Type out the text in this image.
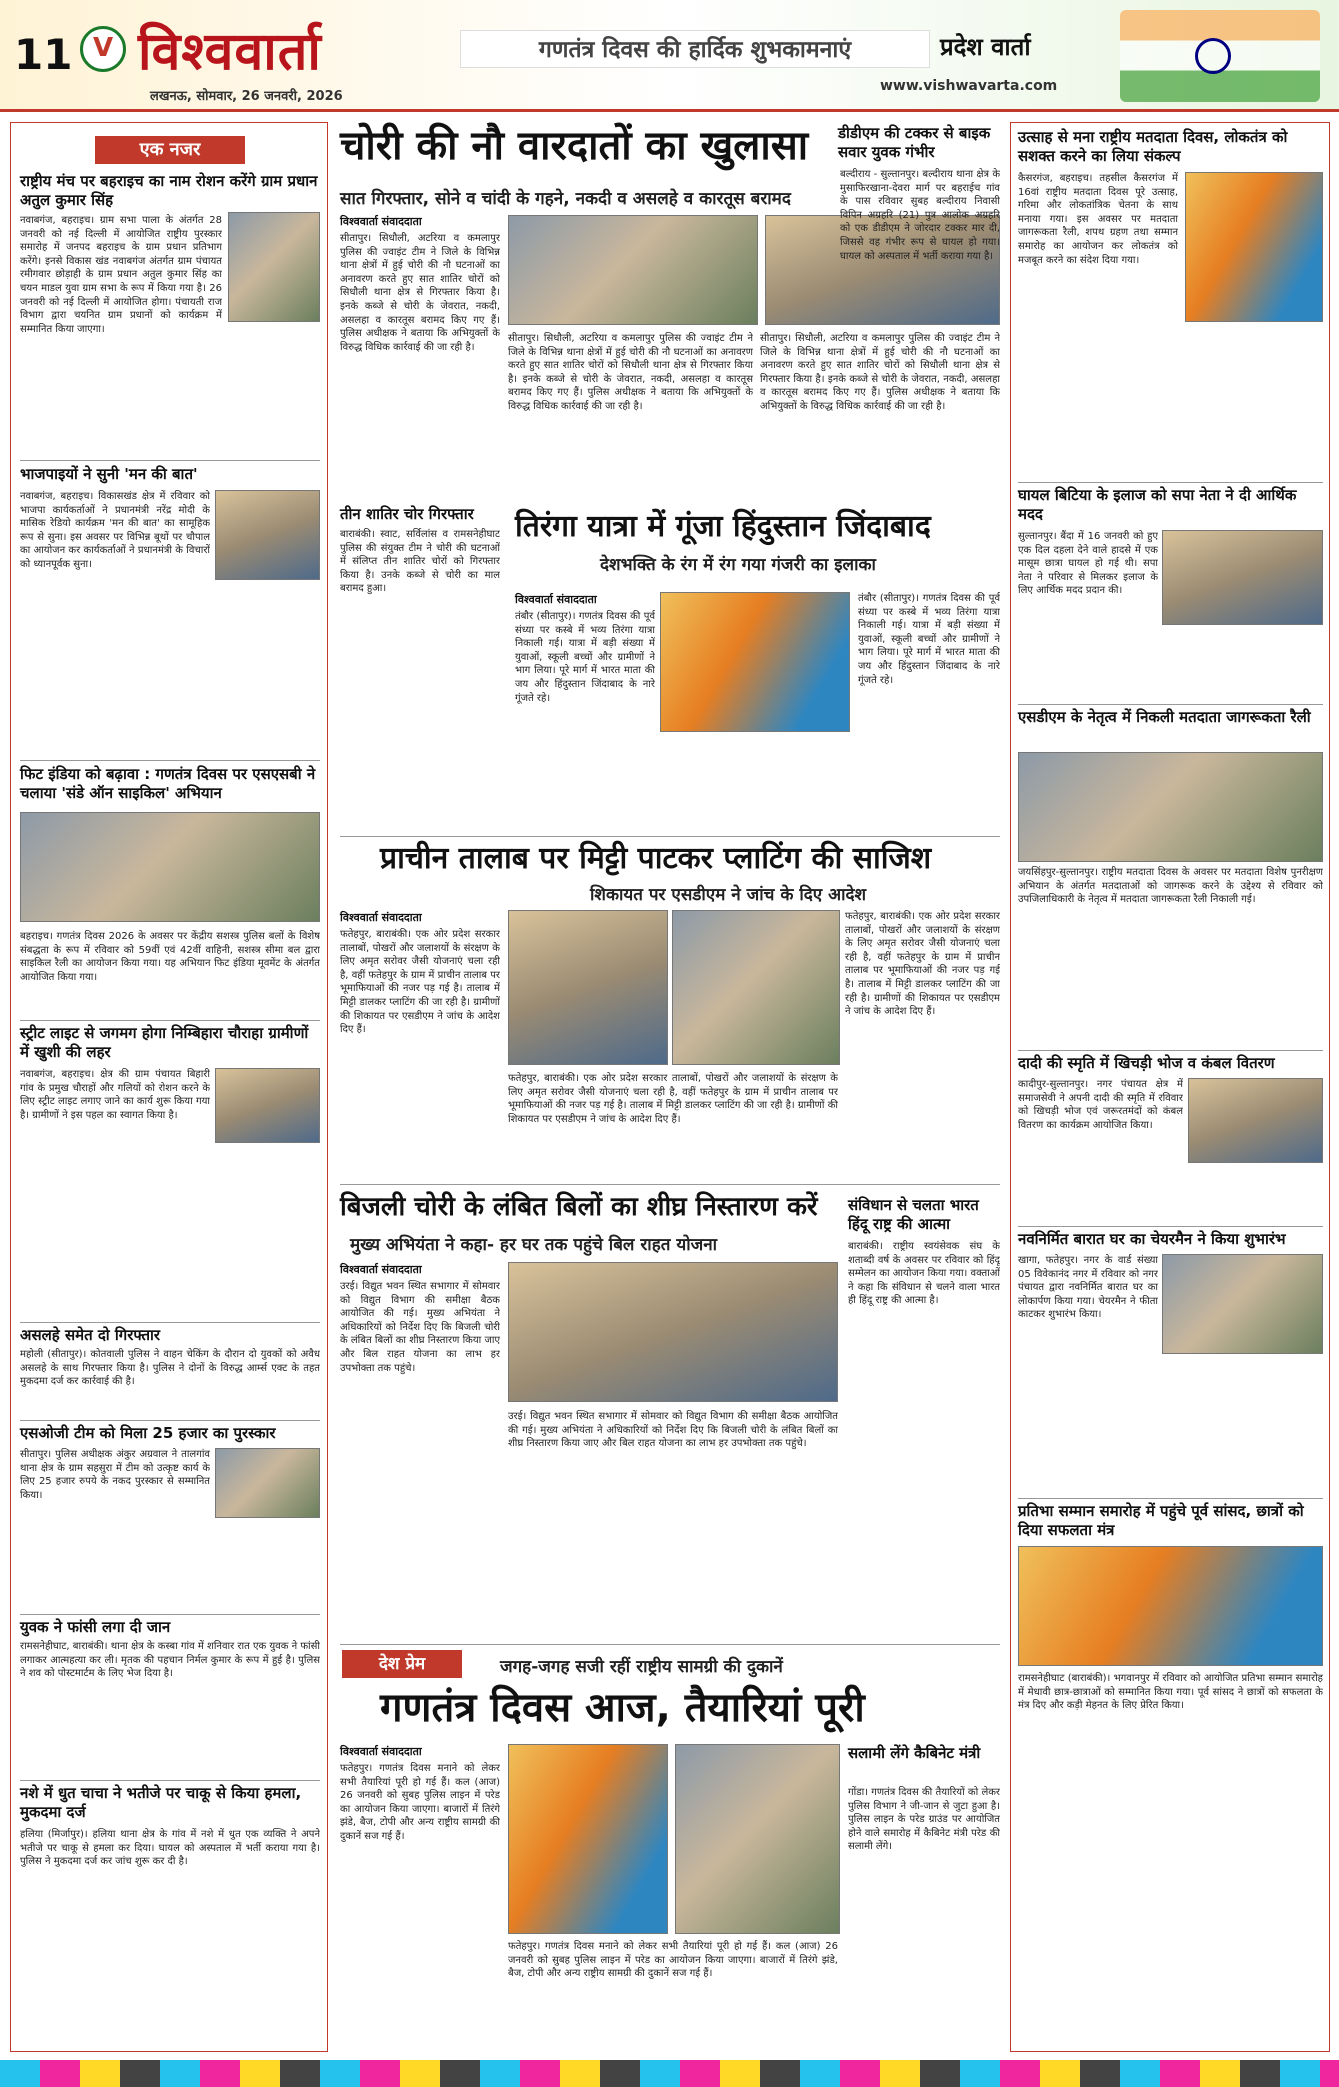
11 V विश्ववार्ता
लखनऊ, सोमवार, 26 जनवरी, 2026
गणतंत्र दिवस की हार्दिक शुभकामनाएं	प्रदेश वार्ता
www.vishwavarta.com
एक नजर
राष्ट्रीय मंच पर बहराइच का नाम रोशन करेंगे ग्राम प्रधान अतुल कुमार सिंह
नवाबगंज, बहराइच। ग्राम सभा पाला के अंतर्गत 28 जनवरी को नई दिल्ली में आयोजित राष्ट्रीय पुरस्कार समारोह में जनपद बहराइच के ग्राम प्रधान प्रतिभाग करेंगे। इनसे विकास खंड नवाबगंज अंतर्गत ग्राम पंचायत रमीगवार छोड़ाही के ग्राम प्रधान अतुल कुमार सिंह का चयन माडल युवा ग्राम सभा के रूप में किया गया है। 26 जनवरी को नई दिल्ली में आयोजित होगा। पंचायती राज विभाग द्वारा चयनित ग्राम प्रधानों को कार्यक्रम में सम्मानित किया जाएगा।
भाजपाइयों ने सुनी 'मन की बात'
नवाबगंज, बहराइच। विकासखंड क्षेत्र में रविवार को भाजपा कार्यकर्ताओं ने प्रधानमंत्री नरेंद्र मोदी के मासिक रेडियो कार्यक्रम 'मन की बात' का सामूहिक रूप से सुना। इस अवसर पर विभिन्न बूथों पर चौपाल का आयोजन कर कार्यकर्ताओं ने प्रधानमंत्री के विचारों को ध्यानपूर्वक सुना।
फिट इंडिया को बढ़ावा : गणतंत्र दिवस पर एसएसबी ने चलाया 'संडे ऑन साइकिल' अभियान
बहराइच। गणतंत्र दिवस 2026 के अवसर पर केंद्रीय सशस्त्र पुलिस बलों के विशेष संबद्धता के रूप में रविवार को 59वीं एवं 42वीं वाहिनी, सशस्त्र सीमा बल द्वारा साइकिल रैली का आयोजन किया गया। यह अभियान फिट इंडिया मूवमेंट के अंतर्गत आयोजित किया गया।
स्ट्रीट लाइट से जगमग होगा निम्बिहारा चौराहा ग्रामीणों में खुशी की लहर
नवाबगंज, बहराइच। क्षेत्र की ग्राम पंचायत बिहारी गांव के प्रमुख चौराहों और गलियों को रोशन करने के लिए स्ट्रीट लाइट लगाए जाने का कार्य शुरू किया गया है। ग्रामीणों ने इस पहल का स्वागत किया है।
असलहे समेत दो गिरफ्तार
महोली (सीतापुर)। कोतवाली पुलिस ने वाहन चेकिंग के दौरान दो युवकों को अवैध असलहे के साथ गिरफ्तार किया है। पुलिस ने दोनों के विरुद्ध आर्म्स एक्ट के तहत मुकदमा दर्ज कर कार्रवाई की है।
एसओजी टीम को मिला 25 हजार का पुरस्कार
सीतापुर। पुलिस अधीक्षक अंकुर अग्रवाल ने तालगांव थाना क्षेत्र के ग्राम सहसुरा में टीम को उत्कृष्ट कार्य के लिए 25 हजार रुपये के नकद पुरस्कार से सम्मानित किया।
युवक ने फांसी लगा दी जान
रामसनेहीघाट, बाराबंकी। थाना क्षेत्र के कस्बा गांव में शनिवार रात एक युवक ने फांसी लगाकर आत्महत्या कर ली। मृतक की पहचान निर्मल कुमार के रूप में हुई है। पुलिस ने शव को पोस्टमार्टम के लिए भेज दिया है।
नशे में धुत चाचा ने भतीजे पर चाकू से किया हमला, मुकदमा दर्ज
हलिया (मिर्जापुर)। हलिया थाना क्षेत्र के गांव में नशे में धुत एक व्यक्ति ने अपने भतीजे पर चाकू से हमला कर दिया। घायल को अस्पताल में भर्ती कराया गया है। पुलिस ने मुकदमा दर्ज कर जांच शुरू कर दी है।
चोरी की नौ वारदातों का खुलासा
सात गिरफ्तार, सोने व चांदी के गहने, नकदी व असलहे व कारतूस बरामद
विश्ववार्ता संवाददाता
सीतापुर। सिधौली, अटरिया व कमलापुर पुलिस की ज्वाइंट टीम ने जिले के विभिन्न थाना क्षेत्रों में हुई चोरी की नौ घटनाओं का अनावरण करते हुए सात शातिर चोरों को सिधौली थाना क्षेत्र से गिरफ्तार किया है। इनके कब्जे से चोरी के जेवरात, नकदी, असलहा व कारतूस बरामद किए गए हैं। पुलिस अधीक्षक ने बताया कि अभियुक्तों के विरुद्ध विधिक कार्रवाई की जा रही है।
सीतापुर। सिधौली, अटरिया व कमलापुर पुलिस की ज्वाइंट टीम ने जिले के विभिन्न थाना क्षेत्रों में हुई चोरी की नौ घटनाओं का अनावरण करते हुए सात शातिर चोरों को सिधौली थाना क्षेत्र से गिरफ्तार किया है। इनके कब्जे से चोरी के जेवरात, नकदी, असलहा व कारतूस बरामद किए गए हैं। पुलिस अधीक्षक ने बताया कि अभियुक्तों के विरुद्ध विधिक कार्रवाई की जा रही है।
सीतापुर। सिधौली, अटरिया व कमलापुर पुलिस की ज्वाइंट टीम ने जिले के विभिन्न थाना क्षेत्रों में हुई चोरी की नौ घटनाओं का अनावरण करते हुए सात शातिर चोरों को सिधौली थाना क्षेत्र से गिरफ्तार किया है। इनके कब्जे से चोरी के जेवरात, नकदी, असलहा व कारतूस बरामद किए गए हैं। पुलिस अधीक्षक ने बताया कि अभियुक्तों के विरुद्ध विधिक कार्रवाई की जा रही है।
तीन शातिर चोर गिरफ्तार
बाराबंकी। स्वाट, सर्विलांस व रामसनेहीघाट पुलिस की संयुक्त टीम ने चोरी की घटनाओं में संलिप्त तीन शातिर चोरों को गिरफ्तार किया है। उनके कब्जे से चोरी का माल बरामद हुआ।
डीडीएम की टक्कर से बाइक सवार युवक गंभीर
बल्दीराय - सुल्तानपुर। बल्दीराय थाना क्षेत्र के मुसाफिरखाना-देवरा मार्ग पर बहराईच गांव के पास रविवार सुबह बल्दीराय निवासी विपिन अग्रहरि (21) पुत्र आलोक अग्रहरि को एक डीडीएम ने जोरदार टक्कर मार दी, जिससे वह गंभीर रूप से घायल हो गया। घायल को अस्पताल में भर्ती कराया गया है।
तिरंगा यात्रा में गूंजा हिंदुस्तान जिंदाबाद
देशभक्ति के रंग में रंग गया गंजरी का इलाका
विश्ववार्ता संवाददाता
तंबौर (सीतापुर)। गणतंत्र दिवस की पूर्व संध्या पर कस्बे में भव्य तिरंगा यात्रा निकाली गई। यात्रा में बड़ी संख्या में युवाओं, स्कूली बच्चों और ग्रामीणों ने भाग लिया। पूरे मार्ग में भारत माता की जय और हिंदुस्तान जिंदाबाद के नारे गूंजते रहे।
तंबौर (सीतापुर)। गणतंत्र दिवस की पूर्व संध्या पर कस्बे में भव्य तिरंगा यात्रा निकाली गई। यात्रा में बड़ी संख्या में युवाओं, स्कूली बच्चों और ग्रामीणों ने भाग लिया। पूरे मार्ग में भारत माता की जय और हिंदुस्तान जिंदाबाद के नारे गूंजते रहे।
प्राचीन तालाब पर मिट्टी पाटकर प्लाटिंग की साजिश
शिकायत पर एसडीएम ने जांच के दिए आदेश
विश्ववार्ता संवाददाता
फतेहपुर, बाराबंकी। एक ओर प्रदेश सरकार तालाबों, पोखरों और जलाशयों के संरक्षण के लिए अमृत सरोवर जैसी योजनाएं चला रही है, वहीं फतेहपुर के ग्राम में प्राचीन तालाब पर भूमाफियाओं की नजर पड़ गई है। तालाब में मिट्टी डालकर प्लाटिंग की जा रही है। ग्रामीणों की शिकायत पर एसडीएम ने जांच के आदेश दिए हैं।
फतेहपुर, बाराबंकी। एक ओर प्रदेश सरकार तालाबों, पोखरों और जलाशयों के संरक्षण के लिए अमृत सरोवर जैसी योजनाएं चला रही है, वहीं फतेहपुर के ग्राम में प्राचीन तालाब पर भूमाफियाओं की नजर पड़ गई है। तालाब में मिट्टी डालकर प्लाटिंग की जा रही है। ग्रामीणों की शिकायत पर एसडीएम ने जांच के आदेश दिए हैं।
फतेहपुर, बाराबंकी। एक ओर प्रदेश सरकार तालाबों, पोखरों और जलाशयों के संरक्षण के लिए अमृत सरोवर जैसी योजनाएं चला रही है, वहीं फतेहपुर के ग्राम में प्राचीन तालाब पर भूमाफियाओं की नजर पड़ गई है। तालाब में मिट्टी डालकर प्लाटिंग की जा रही है। ग्रामीणों की शिकायत पर एसडीएम ने जांच के आदेश दिए हैं।
बिजली चोरी के लंबित बिलों का शीघ्र निस्तारण करें
मुख्य अभियंता ने कहा- हर घर तक पहुंचे बिल राहत योजना
विश्ववार्ता संवाददाता
उरई। विद्युत भवन स्थित सभागार में सोमवार को विद्युत विभाग की समीक्षा बैठक आयोजित की गई। मुख्य अभियंता ने अधिकारियों को निर्देश दिए कि बिजली चोरी के लंबित बिलों का शीघ्र निस्तारण किया जाए और बिल राहत योजना का लाभ हर उपभोक्ता तक पहुंचे।
उरई। विद्युत भवन स्थित सभागार में सोमवार को विद्युत विभाग की समीक्षा बैठक आयोजित की गई। मुख्य अभियंता ने अधिकारियों को निर्देश दिए कि बिजली चोरी के लंबित बिलों का शीघ्र निस्तारण किया जाए और बिल राहत योजना का लाभ हर उपभोक्ता तक पहुंचे।
संविधान से चलता भारत हिंदू राष्ट्र की आत्मा
बाराबंकी। राष्ट्रीय स्वयंसेवक संघ के शताब्दी वर्ष के अवसर पर रविवार को हिंदू सम्मेलन का आयोजन किया गया। वक्ताओं ने कहा कि संविधान से चलने वाला भारत ही हिंदू राष्ट्र की आत्मा है।
देश प्रेम	जगह-जगह सजी रहीं राष्ट्रीय सामग्री की दुकानें
गणतंत्र दिवस आज, तैयारियां पूरी
विश्ववार्ता संवाददाता
फतेहपुर। गणतंत्र दिवस मनाने को लेकर सभी तैयारियां पूरी हो गई हैं। कल (आज) 26 जनवरी को सुबह पुलिस लाइन में परेड का आयोजन किया जाएगा। बाजारों में तिरंगे झंडे, बैज, टोपी और अन्य राष्ट्रीय सामग्री की दुकानें सज गई हैं।
फतेहपुर। गणतंत्र दिवस मनाने को लेकर सभी तैयारियां पूरी हो गई हैं। कल (आज) 26 जनवरी को सुबह पुलिस लाइन में परेड का आयोजन किया जाएगा। बाजारों में तिरंगे झंडे, बैज, टोपी और अन्य राष्ट्रीय सामग्री की दुकानें सज गई हैं।
सलामी लेंगे कैबिनेट मंत्री
गोंडा। गणतंत्र दिवस की तैयारियों को लेकर पुलिस विभाग ने जी-जान से जुटा हुआ है। पुलिस लाइन के परेड ग्राउंड पर आयोजित होने वाले समारोह में कैबिनेट मंत्री परेड की सलामी लेंगे।
उत्साह से मना राष्ट्रीय मतदाता दिवस, लोकतंत्र को सशक्त करने का लिया संकल्प
कैसरगंज, बहराइच। तहसील कैसरगंज में 16वां राष्ट्रीय मतदाता दिवस पूरे उत्साह, गरिमा और लोकतांत्रिक चेतना के साथ मनाया गया। इस अवसर पर मतदाता जागरूकता रैली, शपथ ग्रहण तथा सम्मान समारोह का आयोजन कर लोकतंत्र को मजबूत करने का संदेश दिया गया।
घायल बिटिया के इलाज को सपा नेता ने दी आर्थिक मदद
सुल्तानपुर। बैंदा में 16 जनवरी को हुए एक दिल दहला देने वाले हादसे में एक मासूम छात्रा घायल हो गई थी। सपा नेता ने परिवार से मिलकर इलाज के लिए आर्थिक मदद प्रदान की।
एसडीएम के नेतृत्व में निकली मतदाता जागरूकता रैली
जयसिंहपुर-सुल्तानपुर। राष्ट्रीय मतदाता दिवस के अवसर पर मतदाता विशेष पुनरीक्षण अभियान के अंतर्गत मतदाताओं को जागरूक करने के उद्देश्य से रविवार को उपजिलाधिकारी के नेतृत्व में मतदाता जागरूकता रैली निकाली गई।
दादी की स्मृति में खिचड़ी भोज व कंबल वितरण
कादीपुर-सुल्तानपुर। नगर पंचायत क्षेत्र में समाजसेवी ने अपनी दादी की स्मृति में रविवार को खिचड़ी भोज एवं जरूरतमंदों को कंबल वितरण का कार्यक्रम आयोजित किया।
नवनिर्मित बारात घर का चेयरमैन ने किया शुभारंभ
खागा, फतेहपुर। नगर के वार्ड संख्या 05 विवेकानंद नगर में रविवार को नगर पंचायत द्वारा नवनिर्मित बारात घर का लोकार्पण किया गया। चेयरमैन ने फीता काटकर शुभारंभ किया।
प्रतिभा सम्मान समारोह में पहुंचे पूर्व सांसद, छात्रों को दिया सफलता मंत्र
रामसनेहीघाट (बाराबंकी)। भगवानपुर में रविवार को आयोजित प्रतिभा सम्मान समारोह में मेधावी छात्र-छात्राओं को सम्मानित किया गया। पूर्व सांसद ने छात्रों को सफलता के मंत्र दिए और कड़ी मेहनत के लिए प्रेरित किया।
